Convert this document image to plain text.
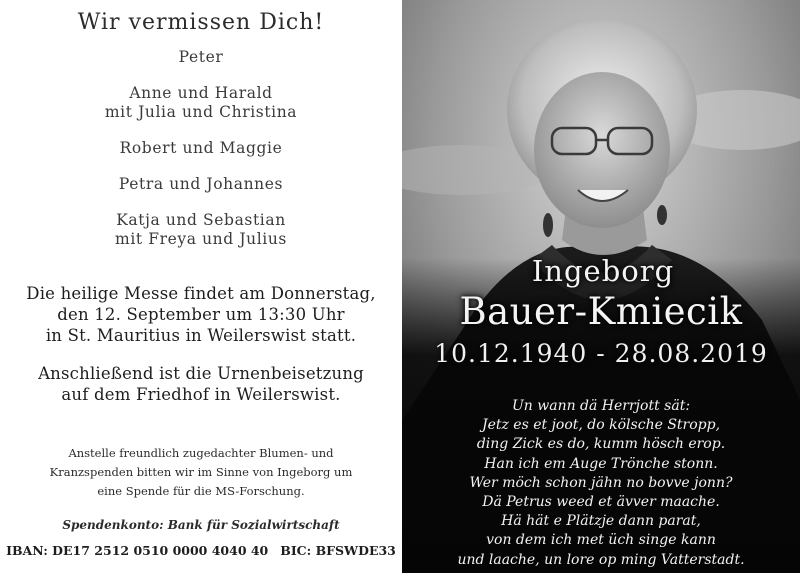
Wir vermissen Dich!
Peter
Anne und Harald
mit Julia und Christina
Robert und Maggie
Petra und Johannes
Katja und Sebastian
mit Freya und Julius
Die heilige Messe findet am Donnerstag,
den 12. September um 13:30 Uhr
in St. Mauritius in Weilerswist statt.
Anschließend ist die Urnenbeisetzung
auf dem Friedhof in Weilerswist.
Anstelle freundlich zugedachter Blumen- und
Kranzspenden bitten wir im Sinne von Ingeborg um
eine Spende für die MS-Forschung.
Spendenkonto: Bank für Sozialwirtschaft
IBAN: DE17 2512 0510 0000 4040 40 BIC: BFSWDE33
Ingeborg
Bauer-Kmiecik
10.12.1940 - 28.08.2019
Un wann dä Herrjott sät:
Jetz es et joot, do kölsche Stropp,
ding Zick es do, kumm hösch erop.
Han ich em Auge Trönche stonn.
Wer möch schon jähn no bovve jonn?
Dä Petrus weed et ävver maache.
Hä hät e Plätzje dann parat,
von dem ich met üch singe kann
und laache, un lore op ming Vatterstadt.
